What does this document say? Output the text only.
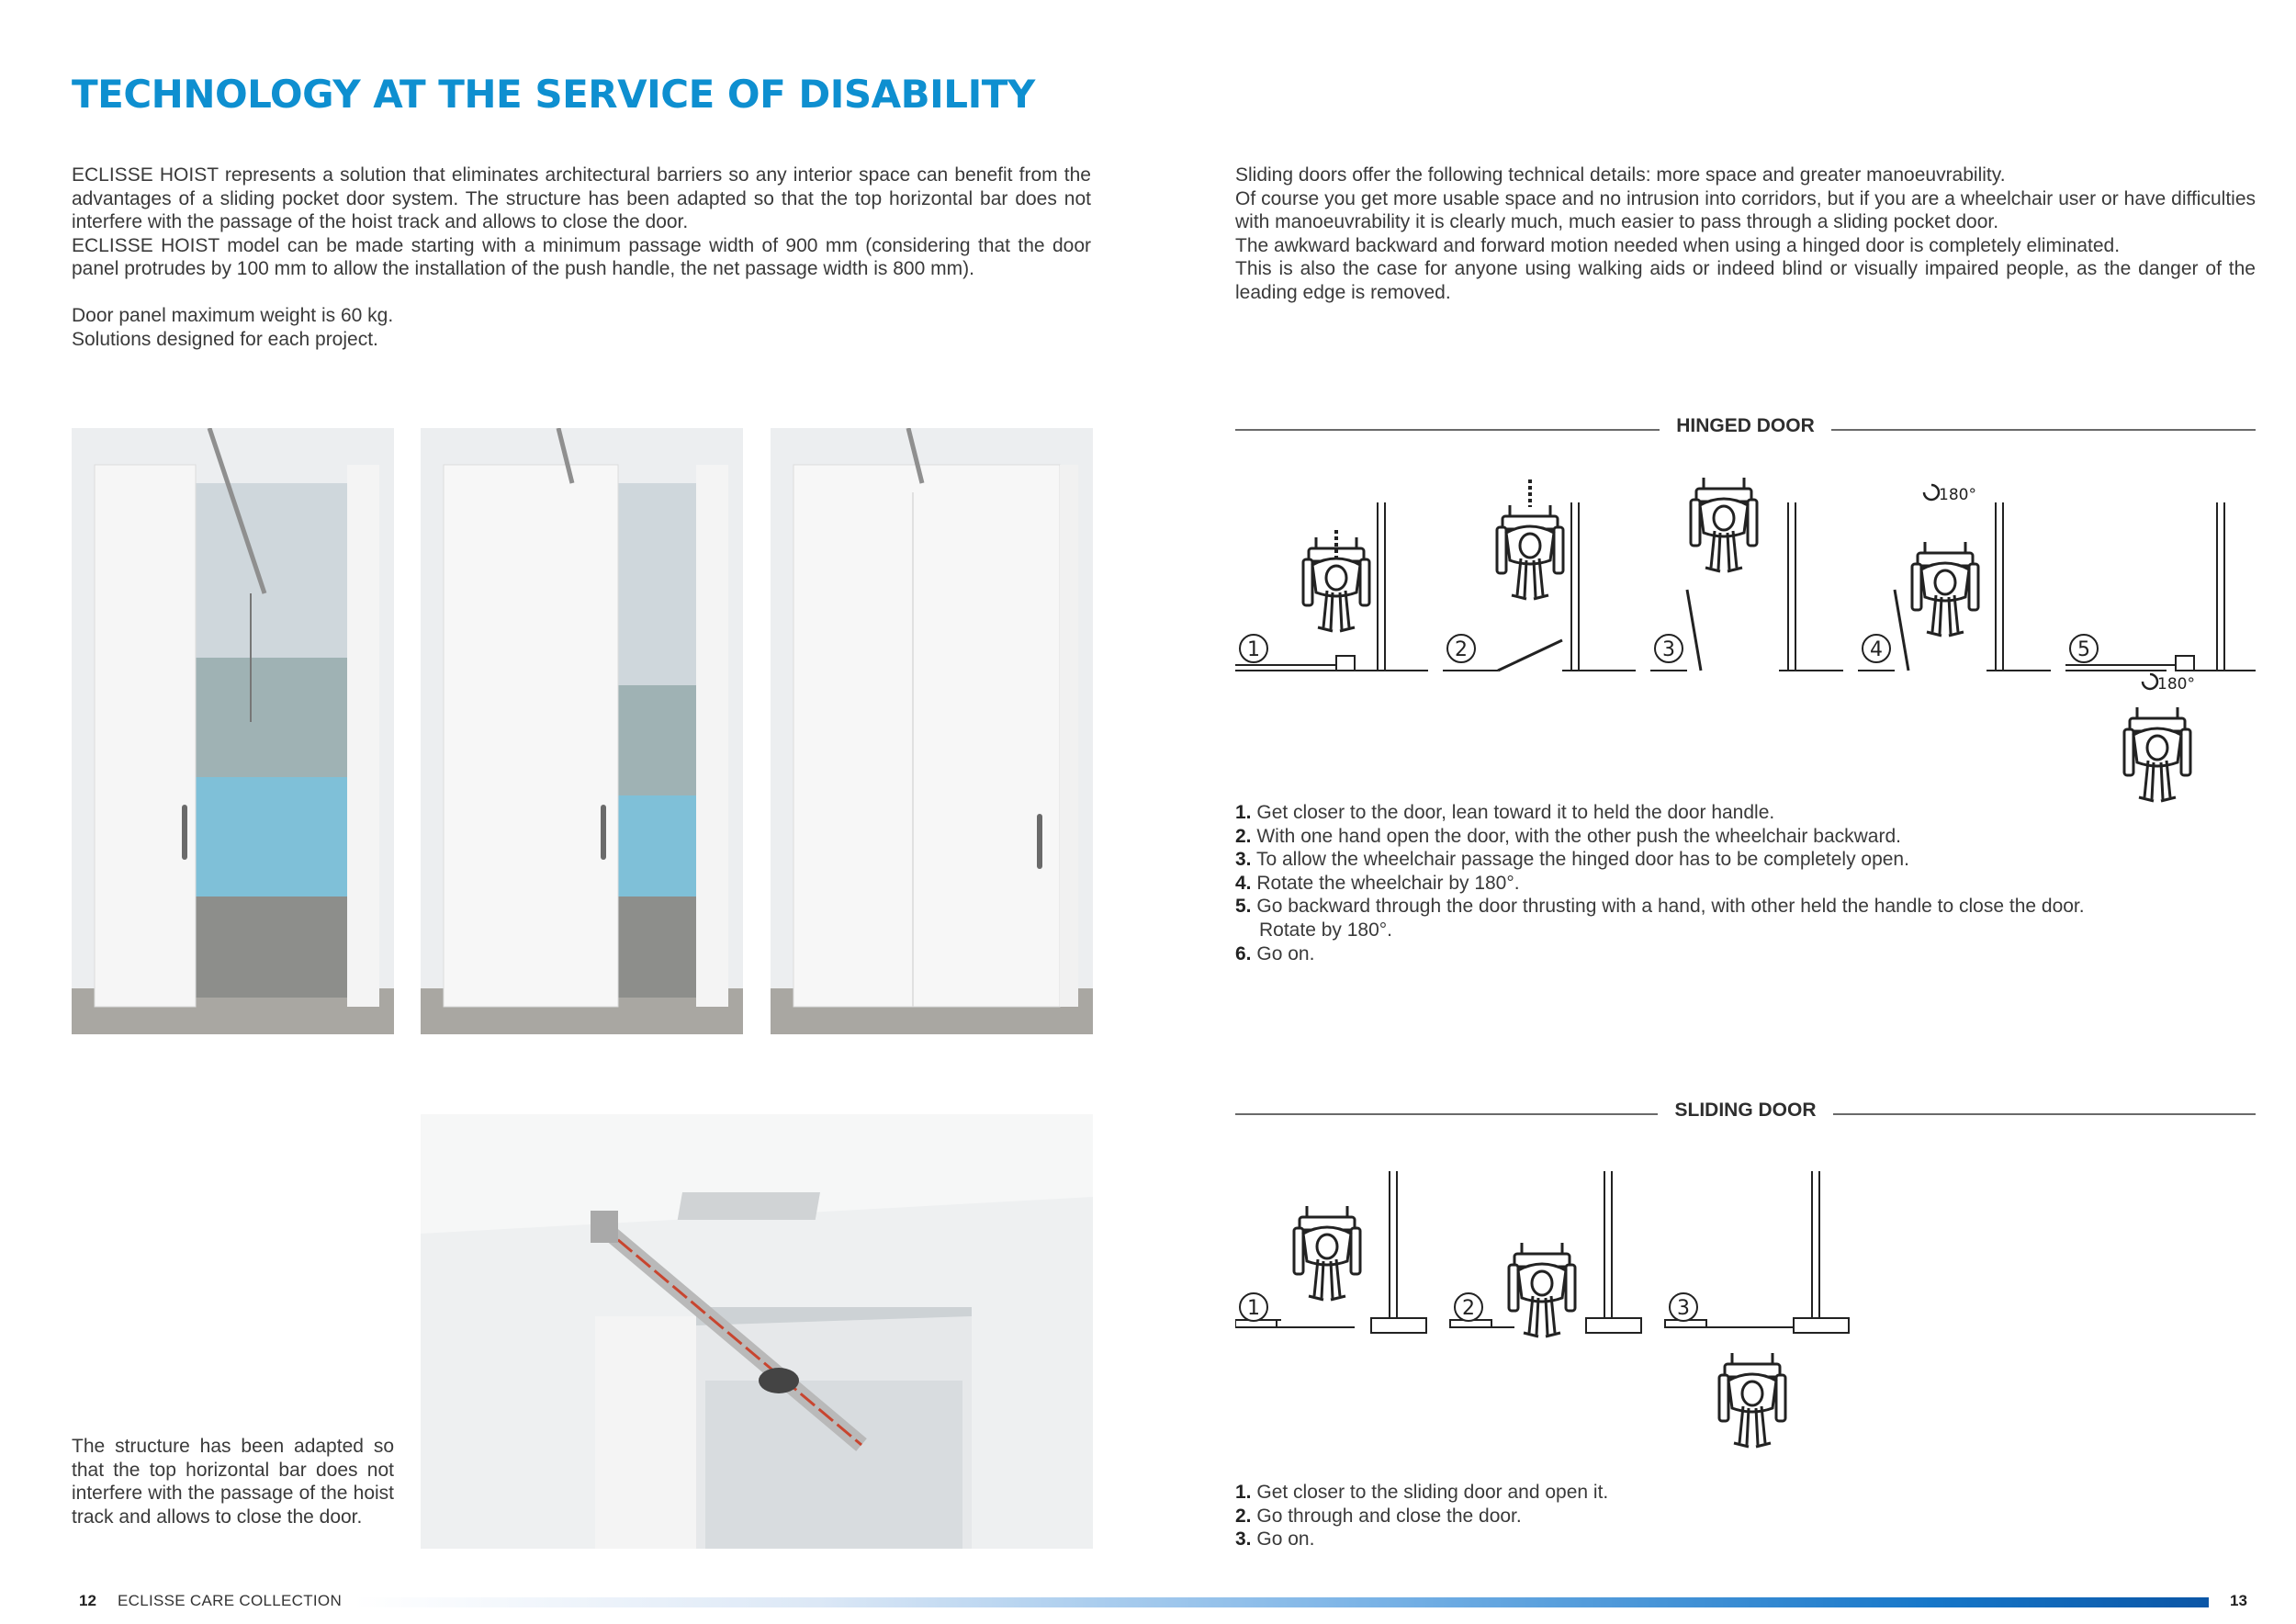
TECHNOLOGY AT THE SERVICE OF DISABILITY

ECLISSE HOIST represents a solution that eliminates architectural barriers so any interior space can benefit from the advantages of a sliding pocket door system. The structure has been adapted so that the top horizontal bar does not interfere with the passage of the hoist track and allows to close the door.

ECLISSE HOIST model can be made starting with a minimum passage width of 900 mm (considering that the door panel protrudes by 100 mm to allow the installation of the push handle, the net passage width is 800 mm).

Door panel maximum weight is 60 kg.

Solutions designed for each project.

Sliding doors offer the following technical details: more space and greater manoeuvrability.

Of course you get more usable space and no intrusion into corridors, but if you are a wheelchair user or have difficulties with manoeuvrability it is clearly much, much easier to pass through a sliding pocket door.

The awkward backward and forward motion needed when using a hinged door is completely eliminated.

This is also the case for anyone using walking aids or indeed blind or visually impaired people, as the danger of the leading edge is removed.

The structure has been adapted so that the top horizontal bar does not interfere with the passage of the hoist track and allows to close the door.
HINGED DOOR
1	2	3	4
180°
5
180°
1. Get closer to the door, lean toward it to held the door handle.
2. With one hand open the door, with the other push the wheelchair backward.
3. To allow the wheelchair passage the hinged door has to be completely open.
4. Rotate the wheelchair by 180°.
5. Go backward through the door thrusting with a hand, with other held the handle to close the door.
Rotate by 180°.
6. Go on.
SLIDING DOOR
1	2	3
1. Get closer to the sliding door and open it.
2. Go through and close the door.
3. Go on.
12 ECLISSE CARE COLLECTION	13
